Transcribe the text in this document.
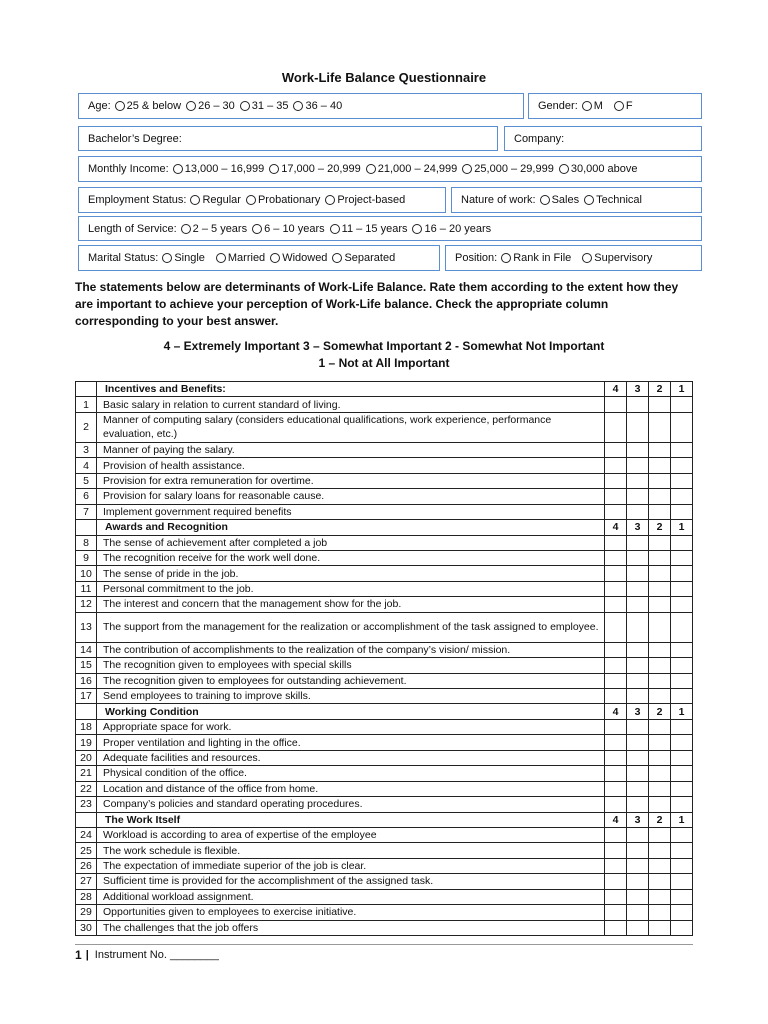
Work-Life Balance Questionnaire
Age: 25 & below 26 – 30 31 – 35 36 – 40	Gender: M F
Bachelor’s Degree:	Company:
Monthly Income: 13,000 – 16,999 17,000 – 20,999 21,000 – 24,999 25,000 – 29,999 30,000 above
Employment Status: Regular Probationary Project-based	Nature of work: Sales Technical
Length of Service: 2 – 5 years 6 – 10 years 11 – 15 years 16 – 20 years
Marital Status: Single Married Widowed Separated	Position: Rank in File Supervisory
The statements below are determinants of Work-Life Balance. Rate them according to the extent how they are important to achieve your perception of Work-Life balance. Check the appropriate column corresponding to your best answer.
4 – Extremely Important 3 – Somewhat Important 2 - Somewhat Not Important
1 – Not at All Important
	Incentives and Benefits:	4	3	2	1
1	Basic salary in relation to current standard of living.				
2	Manner of computing salary (considers educational qualifications, work experience, performance evaluation, etc.)				
3	Manner of paying the salary.				
4	Provision of health assistance.				
5	Provision for extra remuneration for overtime.				
6	Provision for salary loans for reasonable cause.				
7	Implement government required benefits				
	Awards and Recognition	4	3	2	1
8	The sense of achievement after completed a job				
9	The recognition receive for the work well done.				
10	The sense of pride in the job.				
11	Personal commitment to the job.				
12	The interest and concern that the management show for the job.				
13	The support from the management for the realization or accomplishment of the task assigned to employee.				
14	The contribution of accomplishments to the realization of the company’s vision/ mission.				
15	The recognition given to employees with special skills				
16	The recognition given to employees for outstanding achievement.				
17	Send employees to training to improve skills.				
	Working Condition	4	3	2	1
18	Appropriate space for work.				
19	Proper ventilation and lighting in the office.				
20	Adequate facilities and resources.				
21	Physical condition of the office.				
22	Location and distance of the office from home.				
23	Company’s policies and standard operating procedures.				
	The Work Itself	4	3	2	1
24	Workload is according to area of expertise of the employee				
25	The work schedule is flexible.				
26	The expectation of immediate superior of the job is clear.				
27	Sufficient time is provided for the accomplishment of the assigned task.				
28	Additional workload assignment.				
29	Opportunities given to employees to exercise initiative.				
30	The challenges that the job offers				
1 | Instrument No. ________
